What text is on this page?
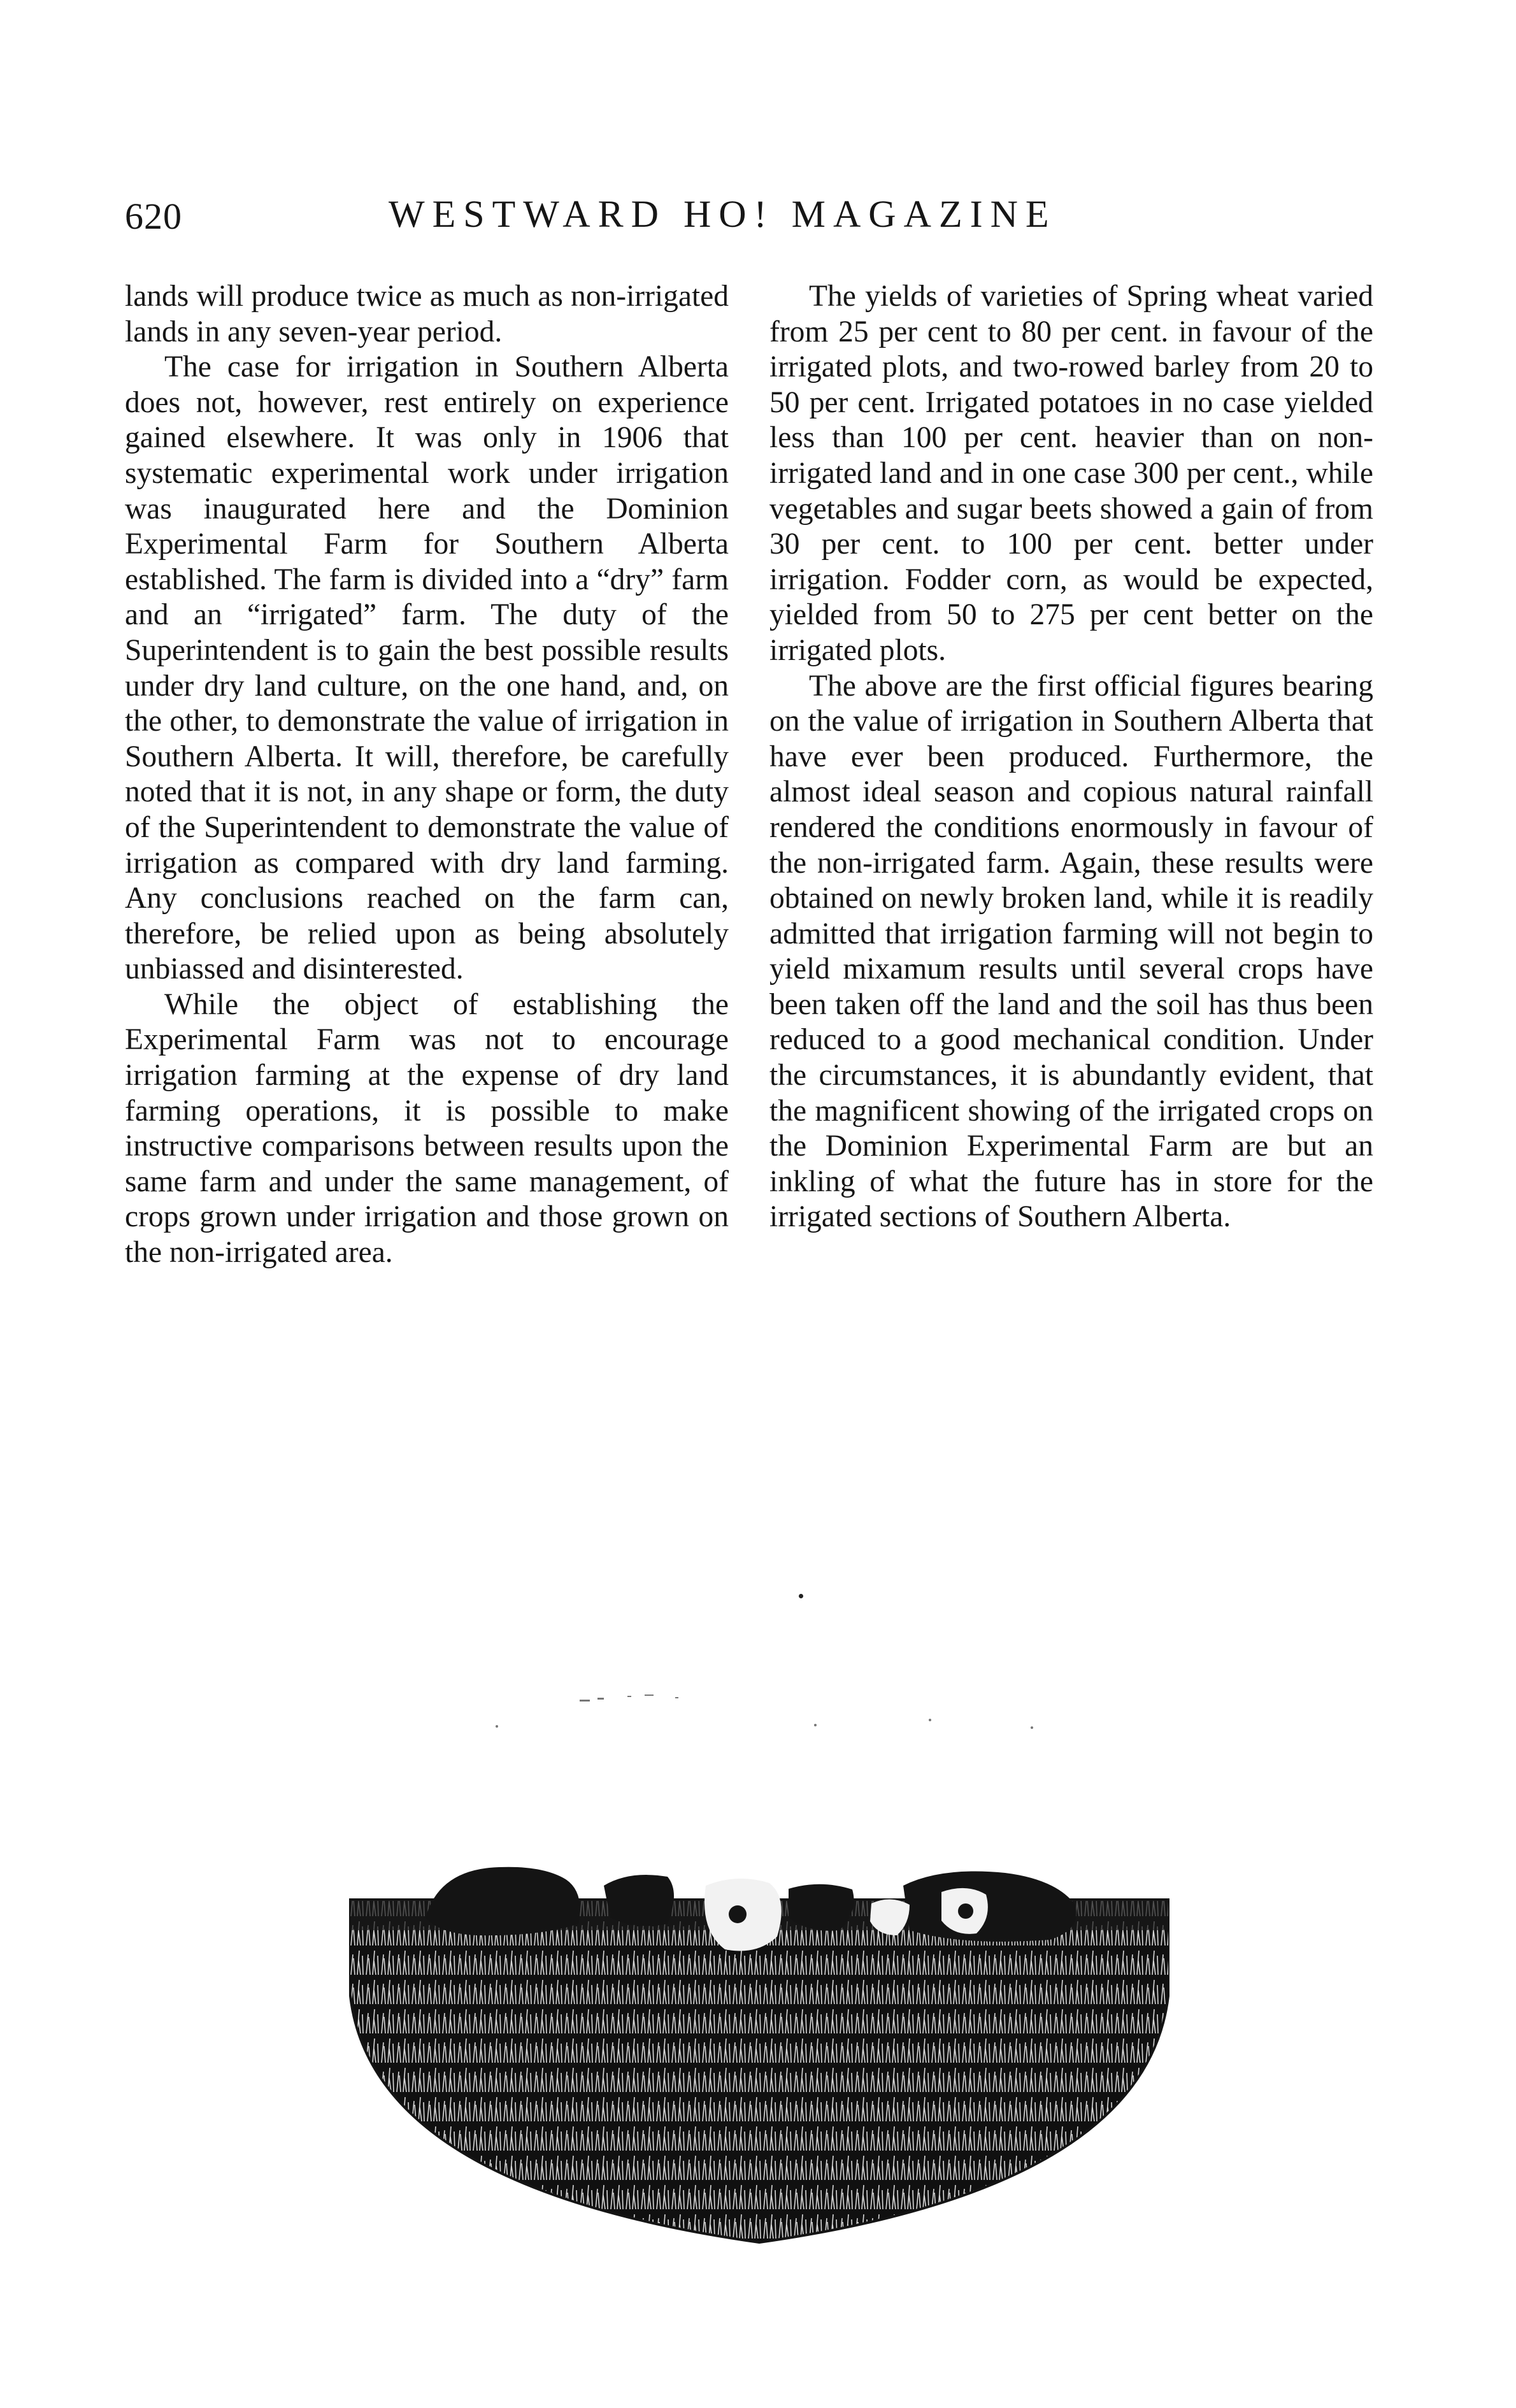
620	WESTWARD HO! MAGAZINE

lands will produce twice as much as non-irrigated lands in any seven-year period.

The case for irrigation in Southern Alberta does not, however, rest entirely on experience gained elsewhere. It was only in 1906 that systematic experimental work under irrigation was inaugurated here and the Dominion Experimental Farm for Southern Alberta established. The farm is divided into a “dry” farm and an “irrigated” farm. The duty of the Superintendent is to gain the best possible results under dry land culture, on the one hand, and, on the other, to demonstrate the value of irrigation in Southern Alberta. It will, therefore, be carefully noted that it is not, in any shape or form, the duty of the Superintendent to demonstrate the value of irrigation as compared with dry land farming. Any conclusions reached on the farm can, therefore, be relied upon as being absolutely unbiassed and disinterested.

While the object of establishing the Experimental Farm was not to encourage irrigation farming at the expense of dry land farming operations, it is possible to make instructive comparisons between results upon the same farm and under the same management, of crops grown under irrigation and those grown on the non-irrigated area.

The yields of varieties of Spring wheat varied from 25 per cent to 80 per cent. in favour of the irrigated plots, and two-rowed barley from 20 to 50 per cent. Irrigated potatoes in no case yielded less than 100 per cent. heavier than on non-irrigated land and in one case 300 per cent., while vegetables and sugar beets showed a gain of from 30 per cent. to 100 per cent. better under irrigation. Fodder corn, as would be expected, yielded from 50 to 275 per cent better on the irrigated plots.

The above are the first official figures bearing on the value of irrigation in Southern Alberta that have ever been produced. Furthermore, the almost ideal season and copious natural rainfall rendered the conditions enormously in favour of the non-irrigated farm. Again, these results were obtained on newly broken land, while it is readily admitted that irrigation farming will not begin to yield mixamum results until several crops have been taken off the land and the soil has thus been reduced to a good mechanical condition. Under the circumstances, it is abundantly evident, that the magnificent showing of the irrigated crops on the Dominion Experimental Farm are but an inkling of what the future has in store for the irrigated sections of Southern Alberta.
